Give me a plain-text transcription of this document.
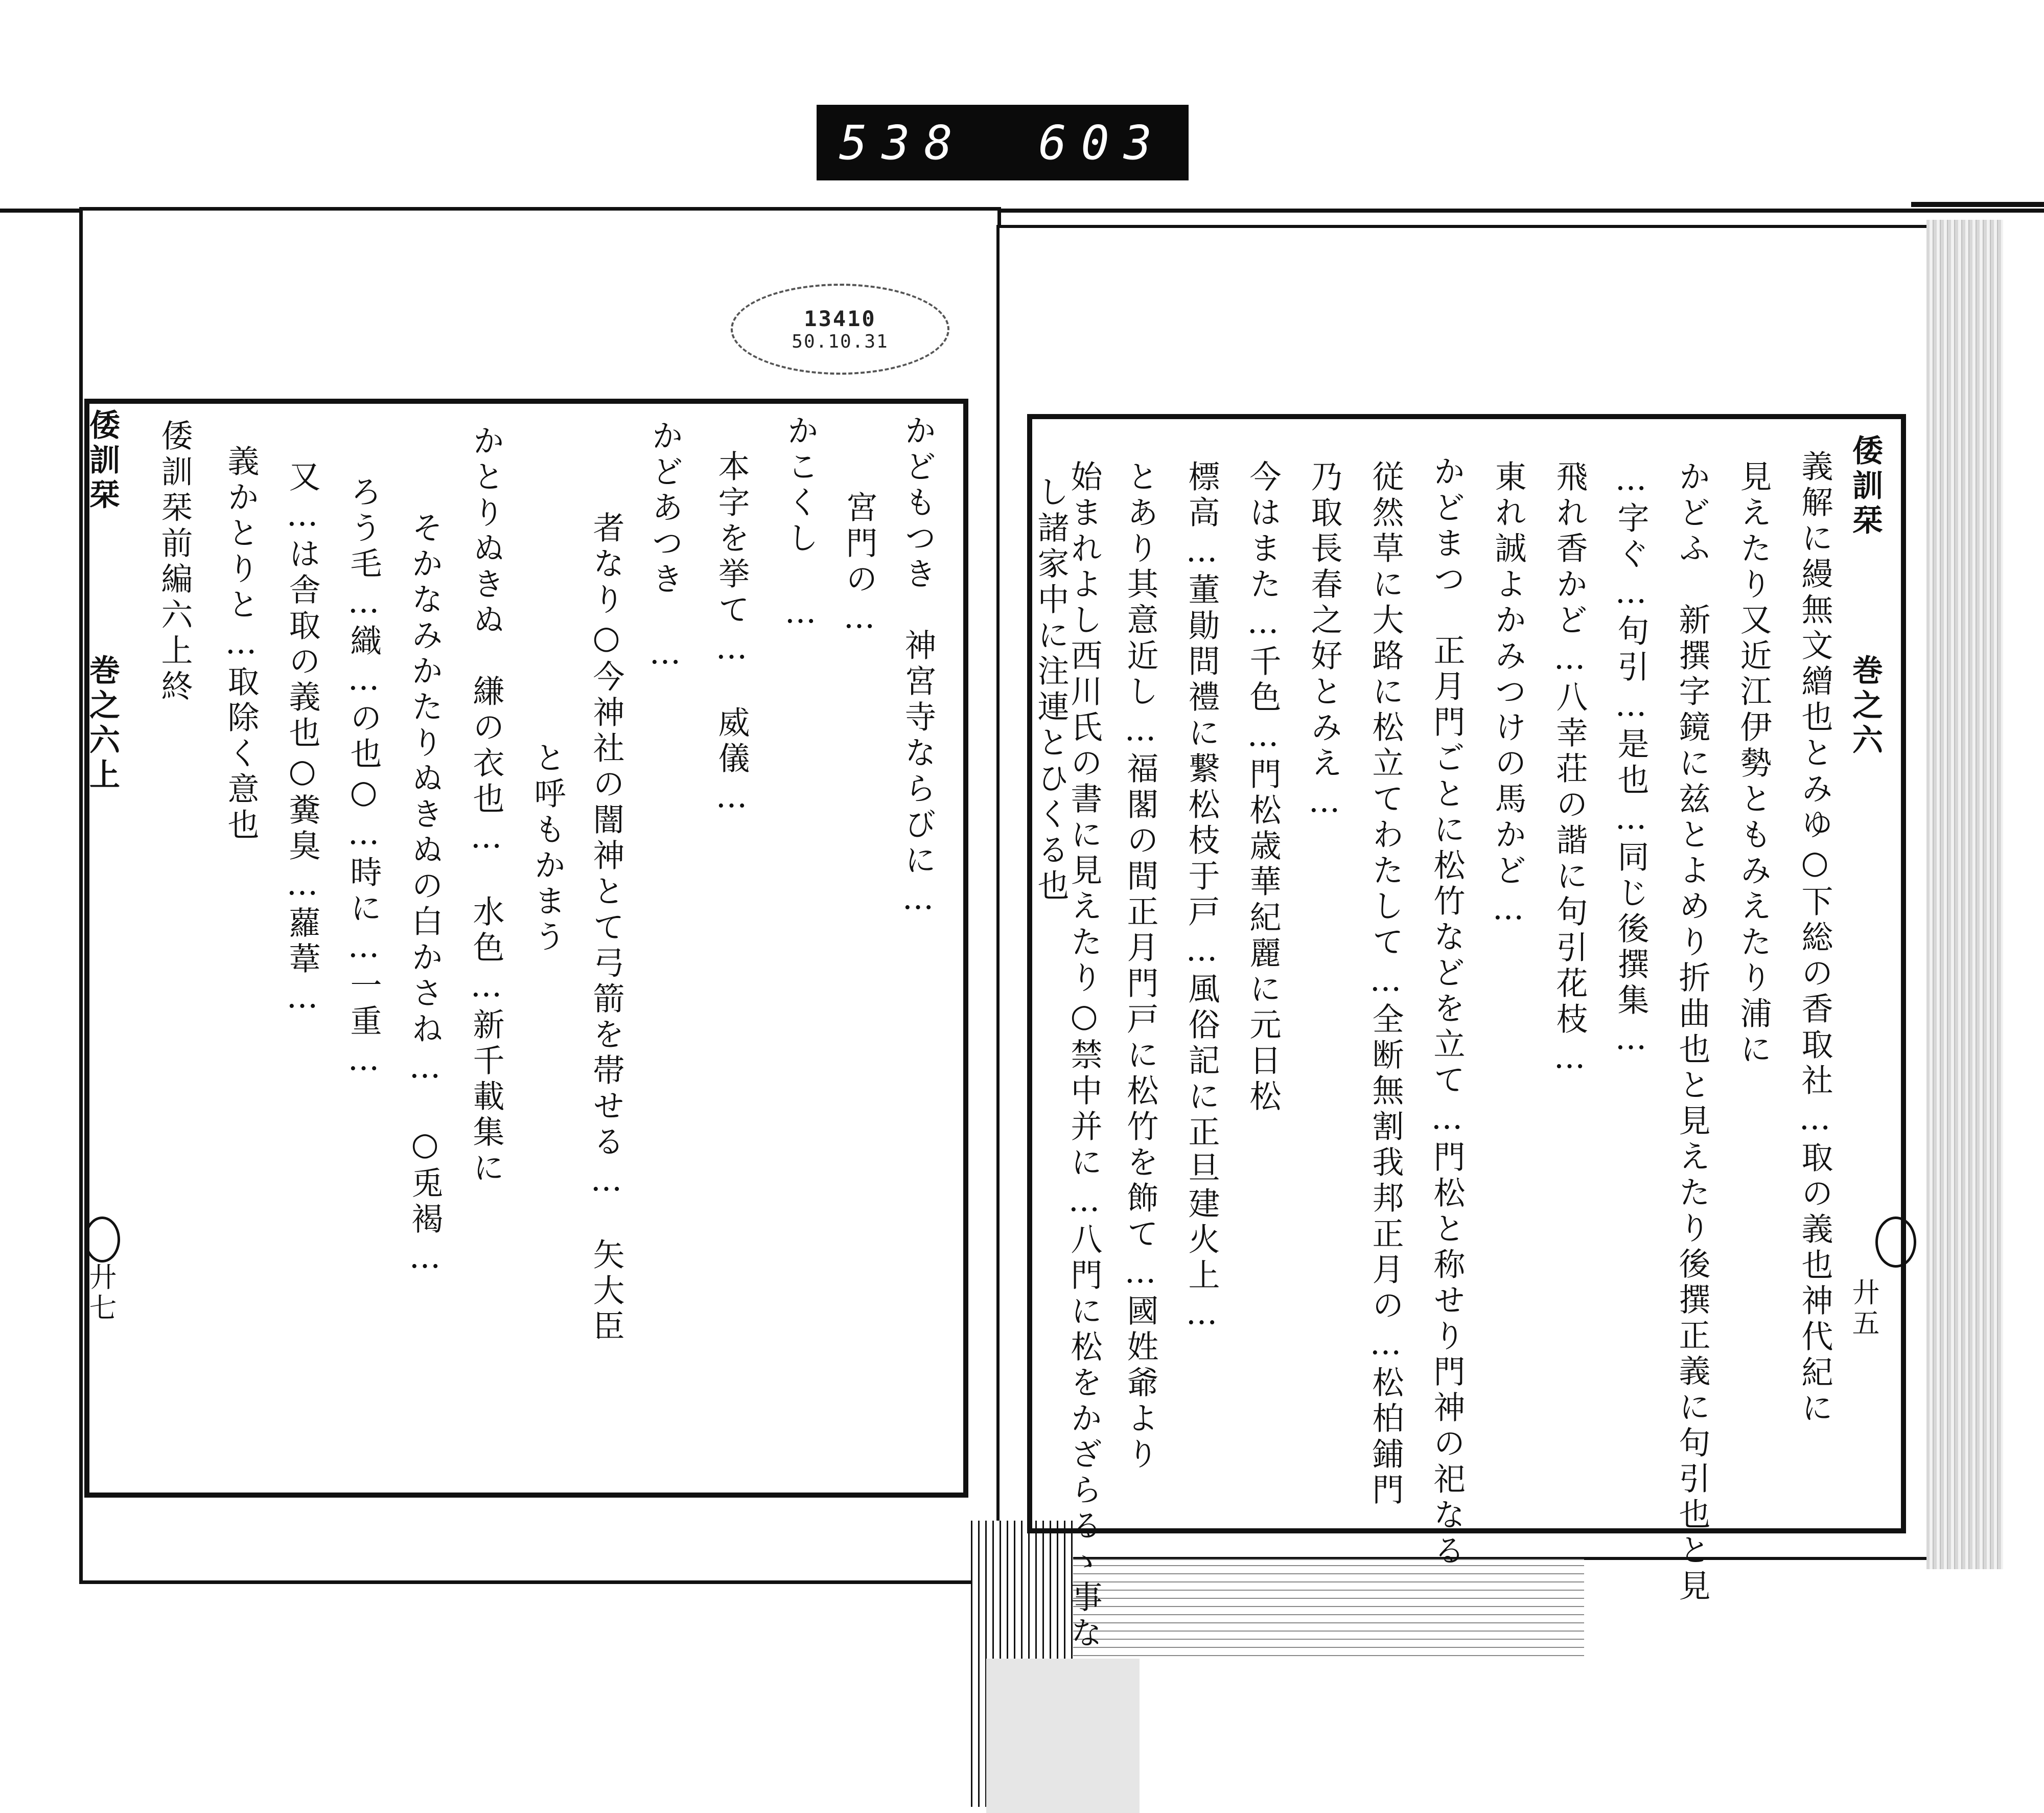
538 603
13410
50.10.31
倭訓栞
巻之六上
廾七
かどもつき　神宮寺ならびに…
宮門の…
かこくし　…
本字を挙て…　威儀…
かどあつき　…
者なり○今神社の闇神とて弓箭を帯せる…　矢大臣
と呼もかまう
かとりぬきぬ　縑の衣也…　水色…新千載集に
そかなみかたりぬきぬの白かさね…　○兎褐…
ろう毛…織…の也○…時に…一重…
又…は舎取の義也○糞臭…蘿葦…
義かとりと…取除く意也
倭訓栞前編六上終	倭訓栞
巻之六
廾五
義解に縵無文繒也とみゆ○下総の香取社…取の義也神代紀に
見えたり又近江伊勢ともみえたり浦に
かどふ　新撰字鏡に兹とよめり折曲也と見えたり後撰正義に句引也と見
…字ぐ…句引…是也…同じ後撰集…
飛れ香かど…八幸荘の諧に句引花枝…
東れ誠よかみつけの馬かど…
かどまつ　正月門ごとに松竹などを立て…門松と称せり門神の祀なる
従然草に大路に松立てわたして…全断無割我邦正月の…松柏鋪門
乃取長春之好とみえ…
今はまた…千色…門松歳華紀麗に元日松
標高…董勛問禮に繋松枝于戸…風俗記に正旦建火上…
とあり其意近し…福閣の間正月門戸に松竹を飾て…國姓爺より
始まれよし西川氏の書に見えたり○禁中并に…八門に松をかざらるゝ事な
し諸家中に注連とひくる也
